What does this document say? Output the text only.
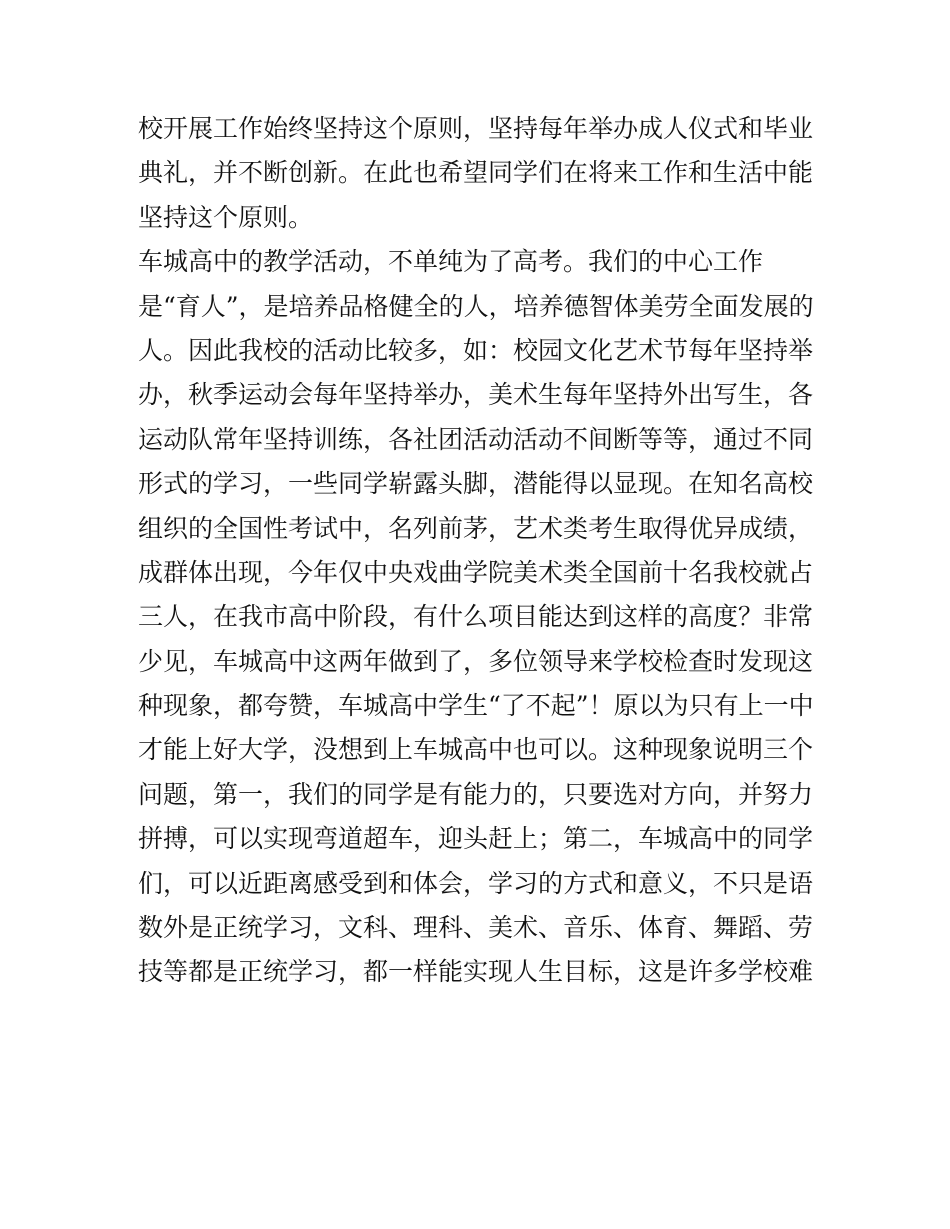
校开展工作始终坚持这个原则，坚持每年举办成人仪式和毕业
典礼，并不断创新。在此也希望同学们在将来工作和生活中能
坚持这个原则。
车城高中的教学活动，不单纯为了高考。我们的中心工作
是“育人”，是培养品格健全的人，培养德智体美劳全面发展的
人。因此我校的活动比较多，如：校园文化艺术节每年坚持举
办，秋季运动会每年坚持举办，美术生每年坚持外出写生，各
运动队常年坚持训练，各社团活动活动不间断等等，通过不同
形式的学习，一些同学崭露头脚，潜能得以显现。在知名高校
组织的全国性考试中，名列前茅，艺术类考生取得优异成绩，
成群体出现，今年仅中央戏曲学院美术类全国前十名我校就占
三人，在我市高中阶段，有什么项目能达到这样的高度？非常
少见，车城高中这两年做到了，多位领导来学校检查时发现这
种现象，都夸赞，车城高中学生“了不起”！原以为只有上一中
才能上好大学，没想到上车城高中也可以。这种现象说明三个
问题，第一，我们的同学是有能力的，只要选对方向，并努力
拼搏，可以实现弯道超车，迎头赶上；第二，车城高中的同学
们，可以近距离感受到和体会，学习的方式和意义，不只是语
数外是正统学习，文科、理科、美术、音乐、体育、舞蹈、劳
技等都是正统学习，都一样能实现人生目标，这是许多学校难
